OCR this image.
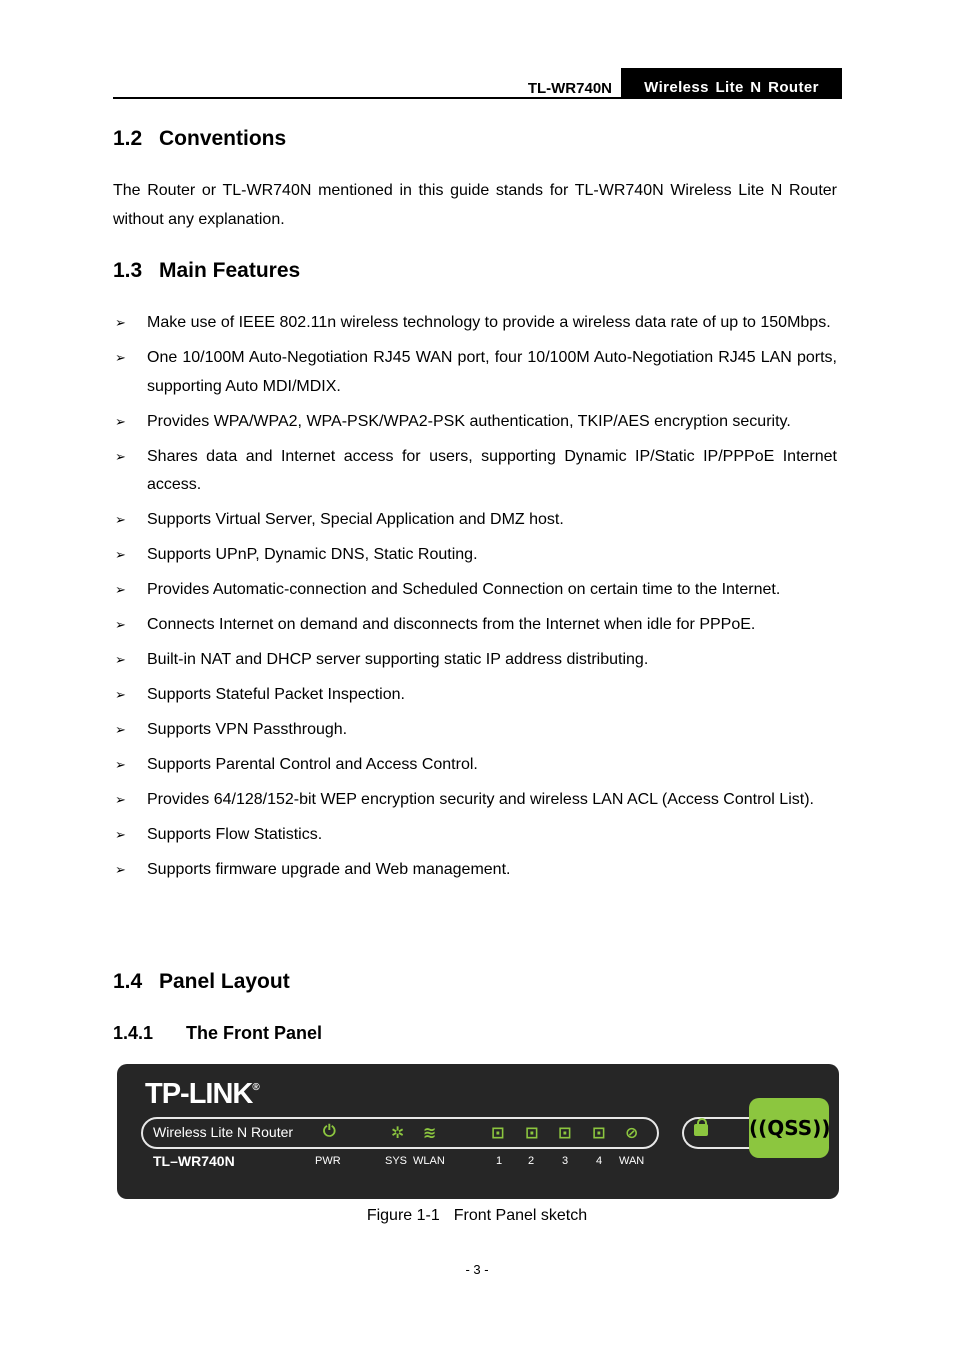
TL-WR740N	Wireless Lite N Router
1.2 Conventions
The Router or TL-WR740N mentioned in this guide stands for TL-WR740N Wireless Lite N Router without any explanation.
1.3 Main Features
➢ Make use of IEEE 802.11n wireless technology to provide a wireless data rate of up to 150Mbps.
➢ One 10/100M Auto-Negotiation RJ45 WAN port, four 10/100M Auto-Negotiation RJ45 LAN ports, supporting Auto MDI/MDIX.
➢ Provides WPA/WPA2, WPA-PSK/WPA2-PSK authentication, TKIP/AES encryption security.
➢ Shares data and Internet access for users, supporting Dynamic IP/Static IP/PPPoE Internet access.
➢ Supports Virtual Server, Special Application and DMZ host.
➢ Supports UPnP, Dynamic DNS, Static Routing.
➢ Provides Automatic-connection and Scheduled Connection on certain time to the Internet.
➢ Connects Internet on demand and disconnects from the Internet when idle for PPPoE.
➢ Built-in NAT and DHCP server supporting static IP address distributing.
➢ Supports Stateful Packet Inspection.
➢ Supports VPN Passthrough.
➢ Supports Parental Control and Access Control.
➢ Provides 64/128/152-bit WEP encryption security and wireless LAN ACL (Access Control List).
➢ Supports Flow Statistics.
➢ Supports firmware upgrade and Web management.
1.4 Panel Layout
1.4.1 The Front Panel
TP-LINK®
Wireless Lite N Router ⏻	✲ ≋	⊡ ⊡ ⊡ ⊡ ⊘	((QSS))
TL–WR740N	PWR	SYS WLAN	1 2	3	4 WAN
Figure 1-1 Front Panel sketch
- 3 -
